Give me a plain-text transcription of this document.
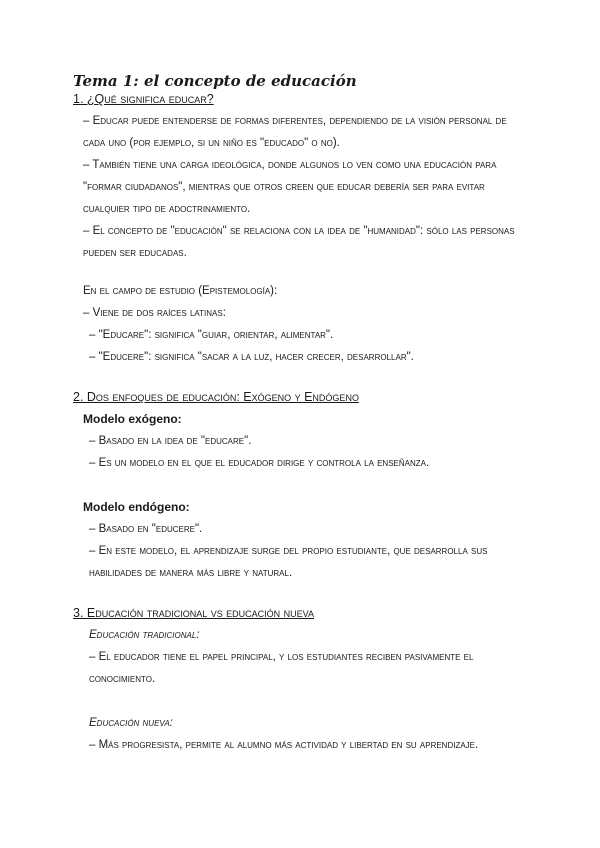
Tema 1: el concepto de educación

1. ¿Qué significa educar?

– Educar puede entenderse de formas diferentes, dependiendo de la visión personal de cada uno (por ejemplo, si un niño es "educado" o no).

– También tiene una carga ideológica, donde algunos lo ven como una educación para "formar ciudadanos", mientras que otros creen que educar debería ser para evitar cualquier tipo de adoctrinamiento.

– El concepto de "educación" se relaciona con la idea de "humanidad": sólo las personas pueden ser educadas.

En el campo de estudio (Epistemología):

– Viene de dos raíces latinas:

– "Educare": significa "guiar, orientar, alimentar".

– "Educere": significa "sacar a la luz, hacer crecer, desarrollar".

2. Dos enfoques de educación: Exógeno y Endógeno

Modelo exógeno:

– Basado en la idea de "educare".

– Es un modelo en el que el educador dirige y controla la enseñanza.

Modelo endógeno:

– Basado en "educere".

– En este modelo, el aprendizaje surge del propio estudiante, que desarrolla sus habilidades de manera más libre y natural.

3. Educación tradicional vs educación nueva

Educación tradicional:

– El educador tiene el papel principal, y los estudiantes reciben pasivamente el conocimiento.

Educación nueva:

– Más progresista, permite al alumno más actividad y libertad en su aprendizaje.
